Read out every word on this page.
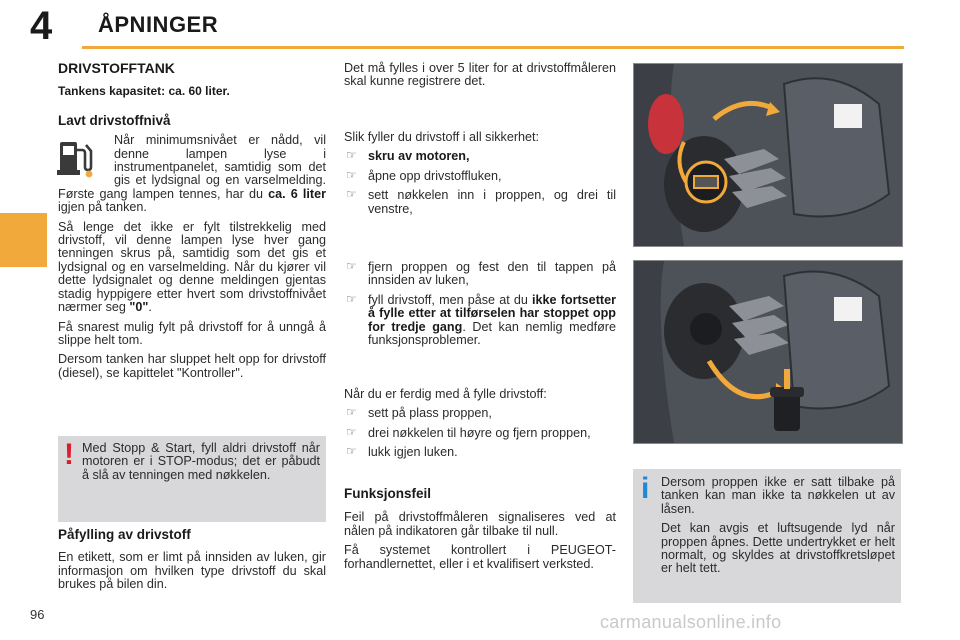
4 ÅPNINGER
DRIVSTOFFTANK
Tankens kapasitet: ca. 60 liter.
Lavt drivstoffnivå

Når minimumsnivået er nådd, vil denne lampen lyse i instrumentpanelet, samtidig som det gis et lydsignal og en varselmelding. Første gang lampen tennes, har du ca. 6 liter igjen på tanken.

Så lenge det ikke er fylt tilstrekkelig med drivstoff, vil denne lampen lyse hver gang tenningen skrus på, samtidig som det gis et lydsignal og en varselmelding. Når du kjører vil dette lydsignalet og denne meldingen gjentas stadig hyppigere etter hvert som drivstoffnivået nærmer seg "0".

Få snarest mulig fylt på drivstoff for å unngå å slippe helt tom.

Dersom tanken har sluppet helt opp for drivstoff (diesel), se kapittelet "Kontroller".

! Med Stopp & Start, fyll aldri drivstoff når motoren er i STOP-modus; det er påbudt å slå av tenningen med nøkkelen.
Påfylling av drivstoff

En etikett, som er limt på innsiden av luken, gir informasjon om hvilken type drivstoff du skal brukes på bilen din.

Det må fylles i over 5 liter for at drivstoffmåleren skal kunne registrere det.

Slik fyller du drivstoff i all sikkerhet:

☞ skru av motoren,
☞ åpne opp drivstoffluken,
☞ sett nøkkelen inn i proppen, og drei til venstre,
☞ fjern proppen og fest den til tappen på innsiden av luken,
☞ fyll drivstoff, men påse at du ikke fortsetter å fylle etter at tilførselen har stoppet opp for tredje gang. Det kan nemlig medføre funksjonsproblemer.

Når du er ferdig med å fylle drivstoff:

☞ sett på plass proppen,
☞ drei nøkkelen til høyre og fjern proppen,
☞ lukk igjen luken.
Funksjonsfeil

Feil på drivstoffmåleren signaliseres ved at nålen på indikatoren går tilbake til null.

Få systemet kontrollert i PEUGEOT-forhandlernettet, eller i et kvalifisert verksted.

i Dersom proppen ikke er satt tilbake på tanken kan man ikke ta nøkkelen ut av låsen.

Det kan avgis et luftsugende lyd når proppen åpnes. Dette undertrykket er helt normalt, og skyldes at drivstoffkretsløpet er helt tett.

96	carmanualsonline.info
